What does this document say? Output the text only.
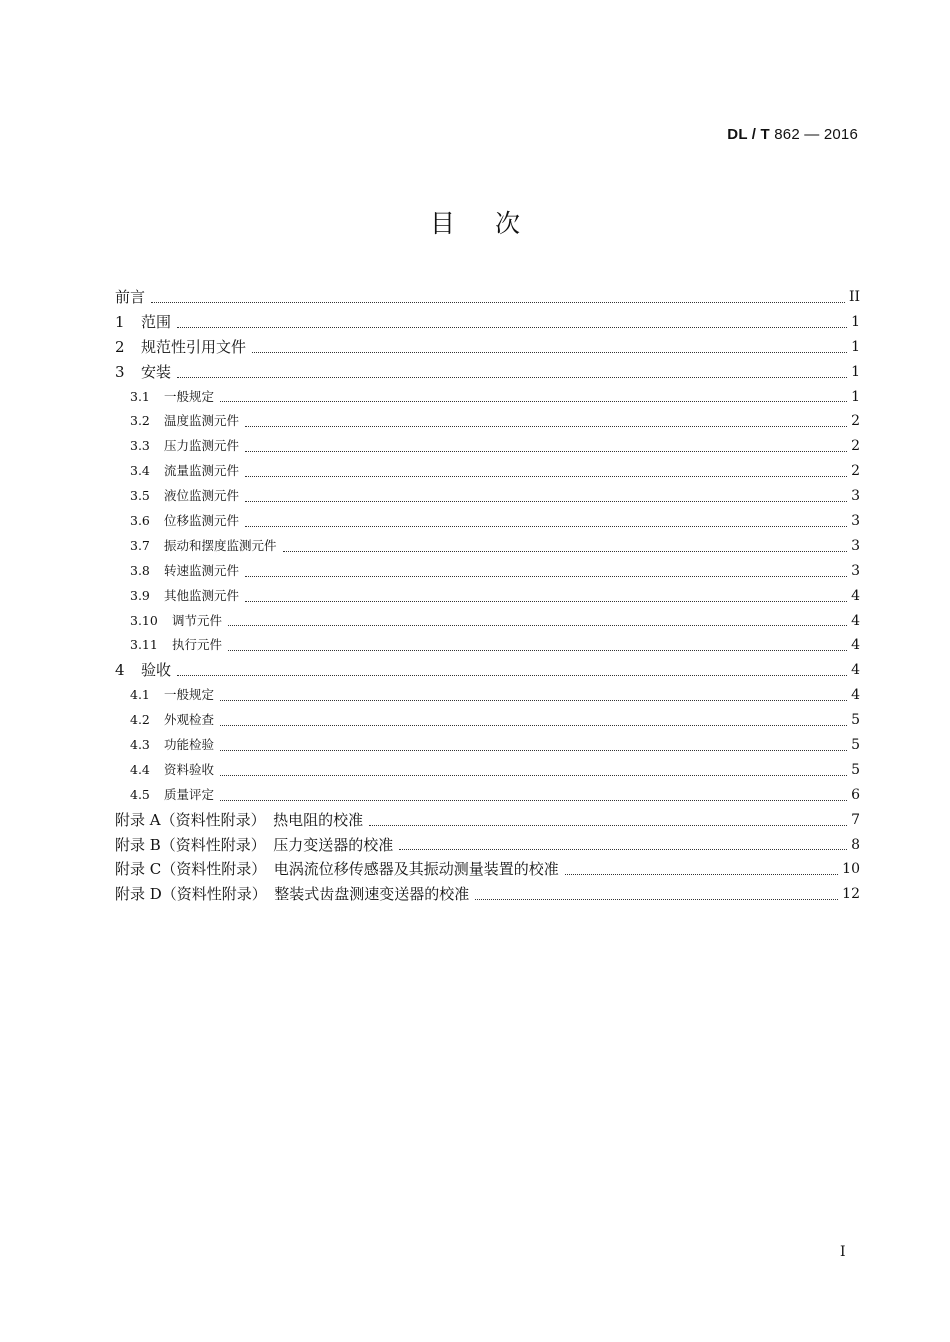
DL / T 862 — 2016
目次
前言	II
1	范围	1
2	规范性引用文件	1
3	安装	1
3.1	一般规定	1
3.2	温度监测元件	2
3.3	压力监测元件	2
3.4	流量监测元件	2
3.5	液位监测元件	3
3.6	位移监测元件	3
3.7	振动和摆度监测元件	3
3.8	转速监测元件	3
3.9	其他监测元件	4
3.10	调节元件	4
3.11	执行元件	4
4	验收	4
4.1	一般规定	4
4.2	外观检查	5
4.3	功能检验	5
4.4	资料验收	5
4.5	质量评定	6
附录 A（资料性附录）　热电阻的校准	7
附录 B（资料性附录）　压力变送器的校准	8
附录 C（资料性附录）　电涡流位移传感器及其振动测量装置的校准	10
附录 D（资料性附录）　整装式齿盘测速变送器的校准	12
I
